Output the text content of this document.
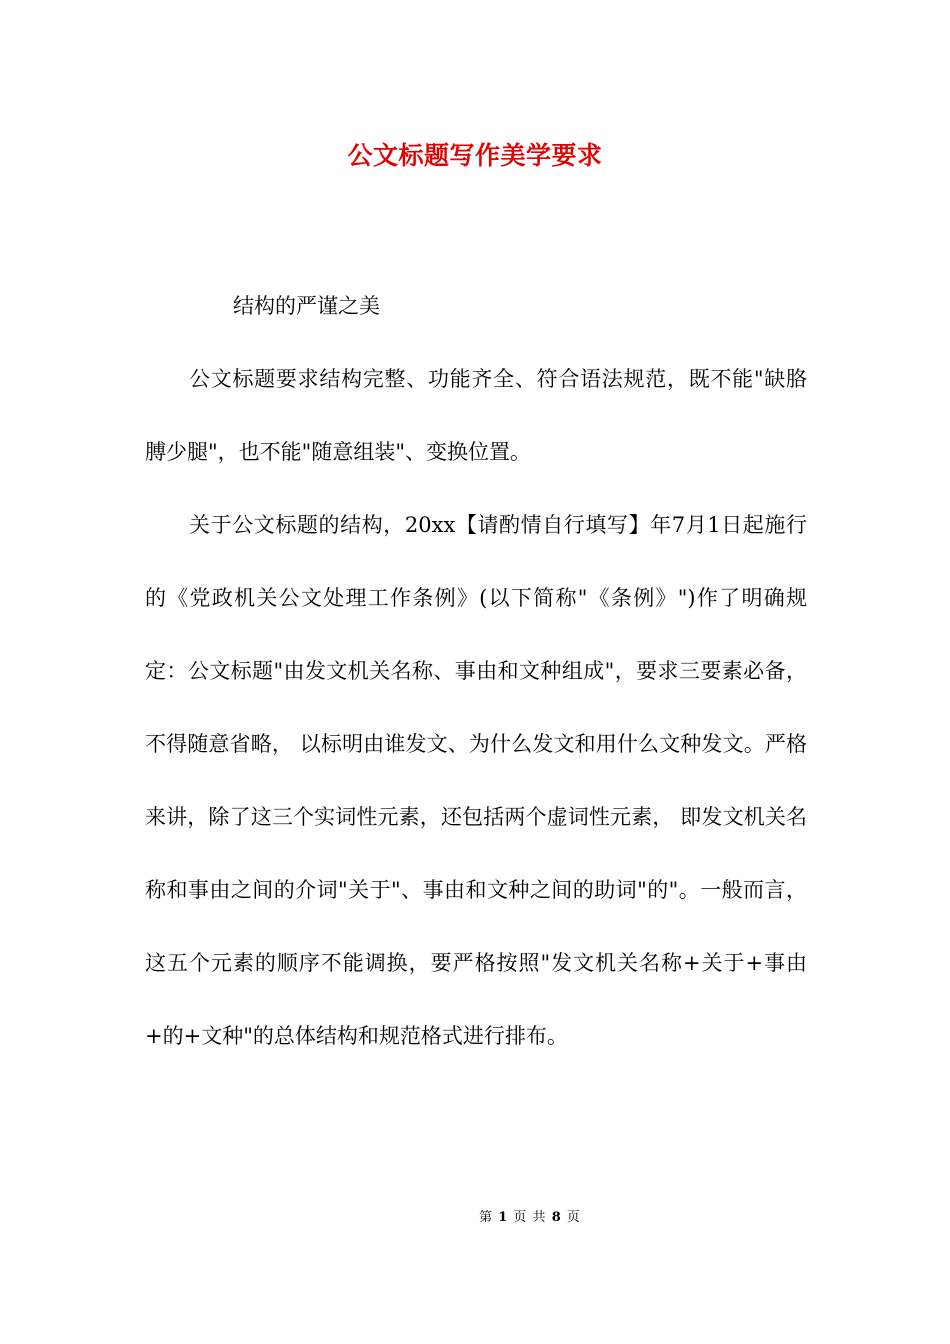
公文标题写作美学要求

结构的严谨之美

公文标题要求结构完整、功能齐全、符合语法规范，既不能"缺胳膊少腿"，也不能"随意组装"、变换位置。

关于公文标题的结构，20xx【请酌情自行填写】年7月1日起施行的《党政机关公文处理工作条例》(以下简称"《条例》")作了明确规定：公文标题"由发文机关名称、事由和文种组成"，要求三要素必备，不得随意省略， 以标明由谁发文、为什么发文和用什么文种发文。严格来讲，除了这三个实词性元素，还包括两个虚词性元素， 即发文机关名称和事由之间的介词"关于"、事由和文种之间的助词"的"。一般而言，这五个元素的顺序不能调换，要严格按照"发文机关名称+关于+事由+的+文种"的总体结构和规范格式进行排布。

第 1 页 共 8 页
